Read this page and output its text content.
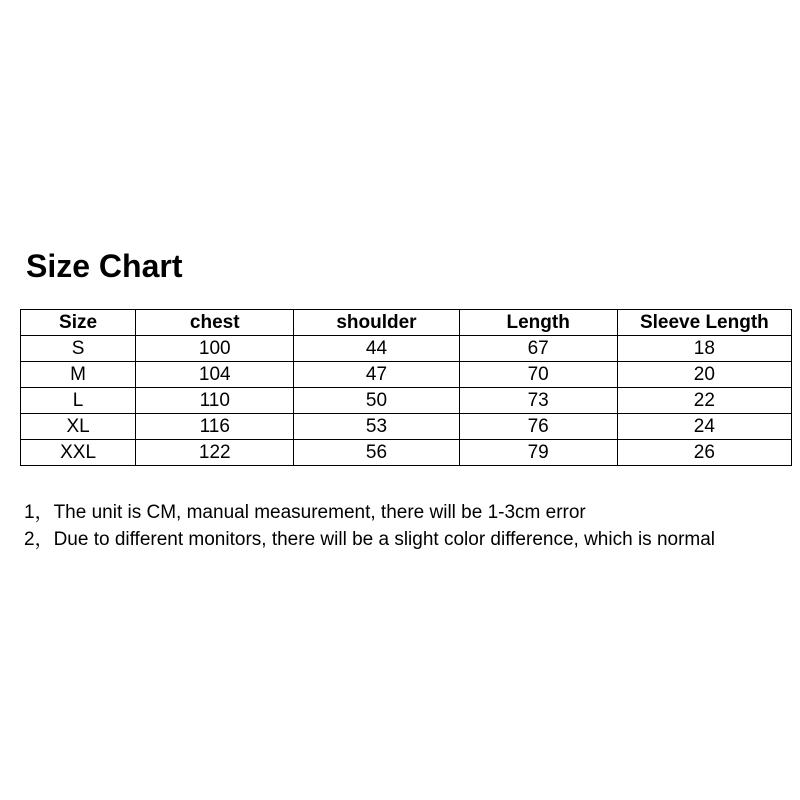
Size Chart
Size	chest	shoulder	Length	Sleeve Length
S	100	44	67	18
M	104	47	70	20
L	110	50	73	22
XL	116	53	76	24
XXL	122	56	79	26
1，The unit is CM, manual measurement, there will be 1-3cm error
2，Due to different monitors, there will be a slight color difference, which is normal
